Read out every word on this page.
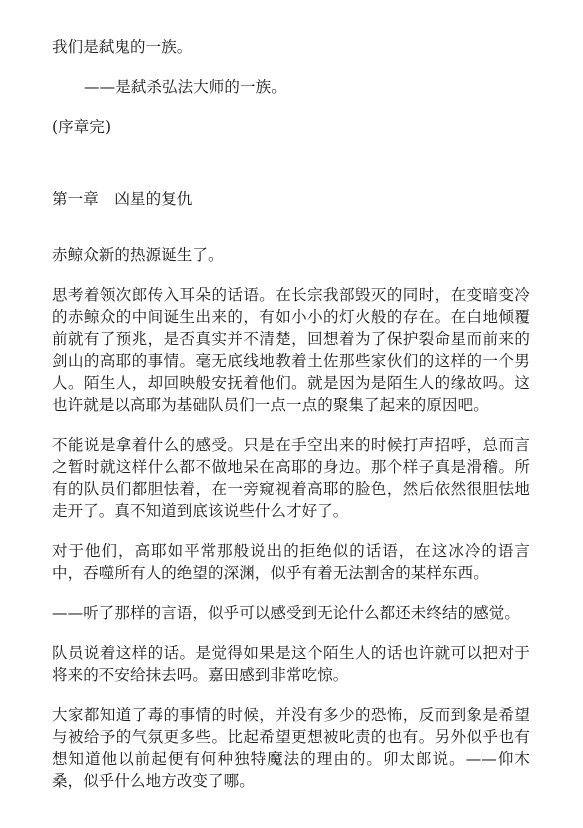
我们是弑鬼的一族。
——是弑杀弘法大师的一族。
(序章完)
第一章　凶星的复仇
赤鲸众新的热源诞生了。
思考着领次郎传入耳朵的话语。在长宗我部毁灭的同时，在变暗变冷的赤鲸众的中间诞生出来的，有如小小的灯火般的存在。在白地倾覆前就有了预兆，是否真实并不清楚，回想着为了保护裂命星而前来的剑山的高耶的事情。毫无底线地教着土佐那些家伙们的这样的一个男人。陌生人，却回映般安抚着他们。就是因为是陌生人的缘故吗。这也许就是以高耶为基础队员们一点一点的聚集了起来的原因吧。
不能说是拿着什么的感受。只是在手空出来的时候打声招呼，总而言之暂时就这样什么都不做地呆在高耶的身边。那个样子真是滑稽。所有的队员们都胆怯着，在一旁窥视着高耶的脸色，然后依然很胆怯地走开了。真不知道到底该说些什么才好了。
对于他们，高耶如平常那般说出的拒绝似的话语，在这冰冷的语言中，吞噬所有人的绝望的深渊，似乎有着无法割舍的某样东西。
——听了那样的言语，似乎可以感受到无论什么都还未终结的感觉。
队员说着这样的话。是觉得如果是这个陌生人的话也许就可以把对于将来的不安给抹去吗。嘉田感到非常吃惊。
大家都知道了毒的事情的时候，并没有多少的恐怖，反而到象是希望与被给予的气氛更多些。比起希望更想被叱责的也有。另外似乎也有想知道他以前起便有何种独特魔法的理由的。卯太郎说。——仰木桑，似乎什么地方改变了哪。
